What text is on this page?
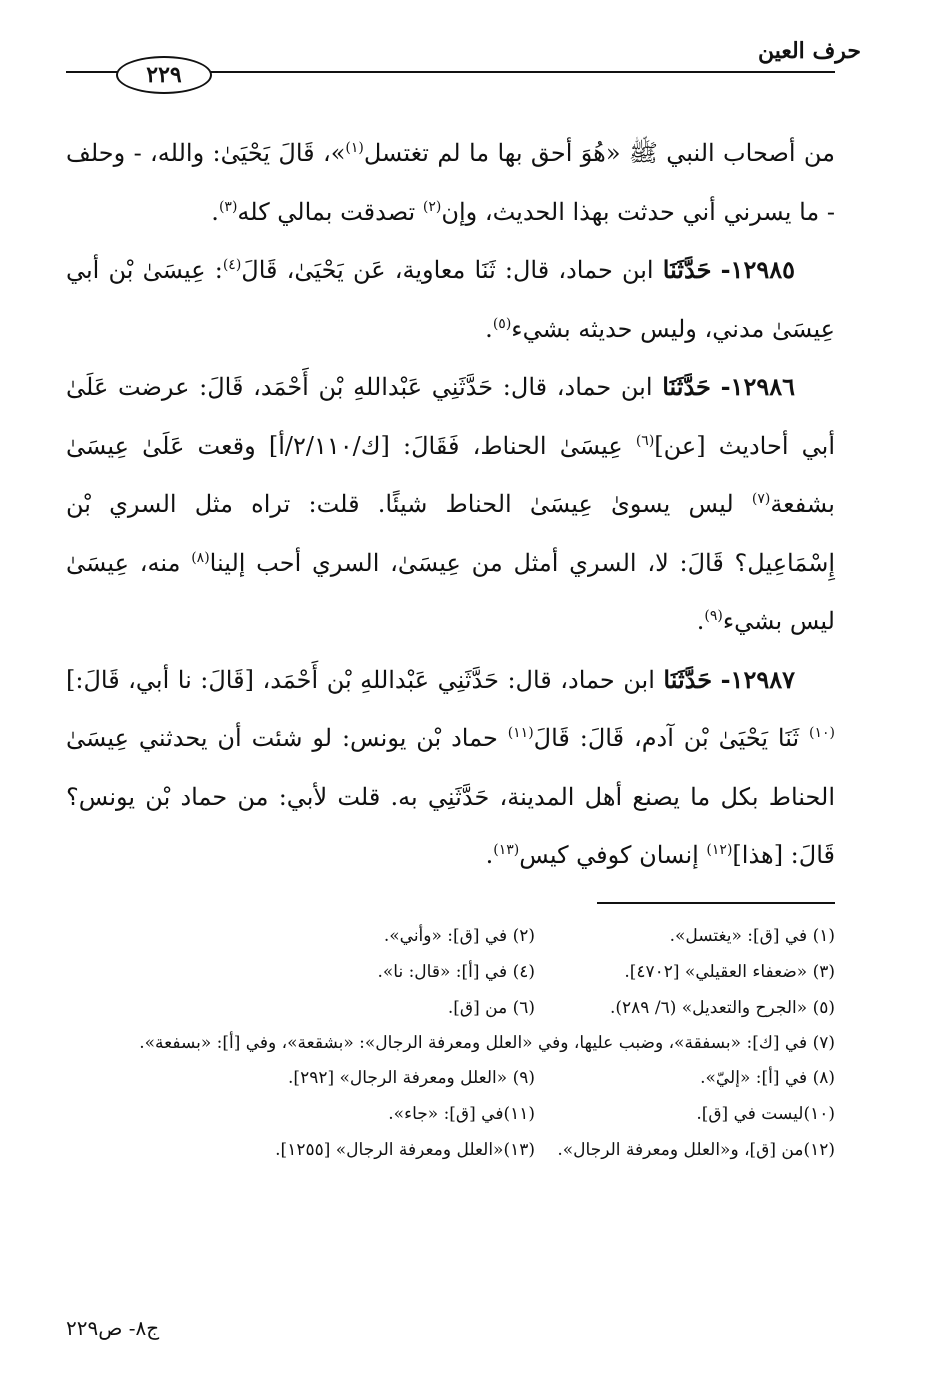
حرف العين
٢٢٩

من أصحاب النبي ﷺ «هُوَ أحق بها ما لم تغتسل$^{(١)}$»، قَالَ يَحْيَىٰ: والله، - وحلف - ما يسرني أني حدثت بهذا الحديث، وإن$^{(٢)}$ تصدقت بمالي كله$^{(٣)}$.

١٢٩٨٥- حَدَّثَنَا ابن حماد، قال: ثَنَا معاوية، عَن يَحْيَىٰ، قَالَ$^{(٤)}$: عِيسَىٰ بْن أبي عِيسَىٰ مدني، وليس حديثه بشيء$^{(٥)}$.

١٢٩٨٦- حَدَّثَنَا ابن حماد، قال: حَدَّثَنِي عَبْداللهِ بْن أَحْمَد، قَالَ: عرضت عَلَىٰ أبي أحاديث [عن]$^{(٦)}$ عِيسَىٰ الحناط، فَقَالَ: [ك/٢/١١٠/أ] وقعت عَلَىٰ عِيسَىٰ بشفعة$^{(٧)}$ ليس يسوىٰ عِيسَىٰ الحناط شيئًا. قلت: تراه مثل السري بْن إِسْمَاعِيل؟ قَالَ: لا، السري أمثل من عِيسَىٰ، السري أحب إلينا$^{(٨)}$ منه، عِيسَىٰ ليس بشيء$^{(٩)}$.

١٢٩٨٧- حَدَّثَنَا ابن حماد، قال: حَدَّثَنِي عَبْداللهِ بْن أَحْمَد، [قَالَ: نا أبي، قَالَ:]$^{(١٠)}$ ثَنَا يَحْيَىٰ بْن آدم، قَالَ: قَالَ$^{(١١)}$ حماد بْن يونس: لو شئت أن يحدثني عِيسَىٰ الحناط بكل ما يصنع أهل المدينة، حَدَّثَنِي به. قلت لأبي: من حماد بْن يونس؟ قَالَ: [هذا]$^{(١٢)}$ إنسان كوفي كيس$^{(١٣)}$.

(١) في [ق]: «يغتسل».
(٢) في [ق]: «وأني».
(٣) «ضعفاء العقيلي» [٤٧٠٢].
(٤) في [أ]: «قال: نا».
(٥) «الجرح والتعديل» (٦/ ٢٨٩).
(٦) من [ق].
(٧) في [ك]: «بسفقة»، وضبب عليها، وفي «العلل ومعرفة الرجال»: «بشقعة»، وفي [أ]: «بسفعة».
(٨) في [أ]: «إليّ».
(٩) «العلل ومعرفة الرجال» [٢٩٢].
(١٠)ليست في [ق].
(١١)في [ق]: «جاء».
(١٢)من [ق]، و«العلل ومعرفة الرجال».
(١٣)«العلل ومعرفة الرجال» [١٢٥٥].
ج٨- ص٢٢٩
